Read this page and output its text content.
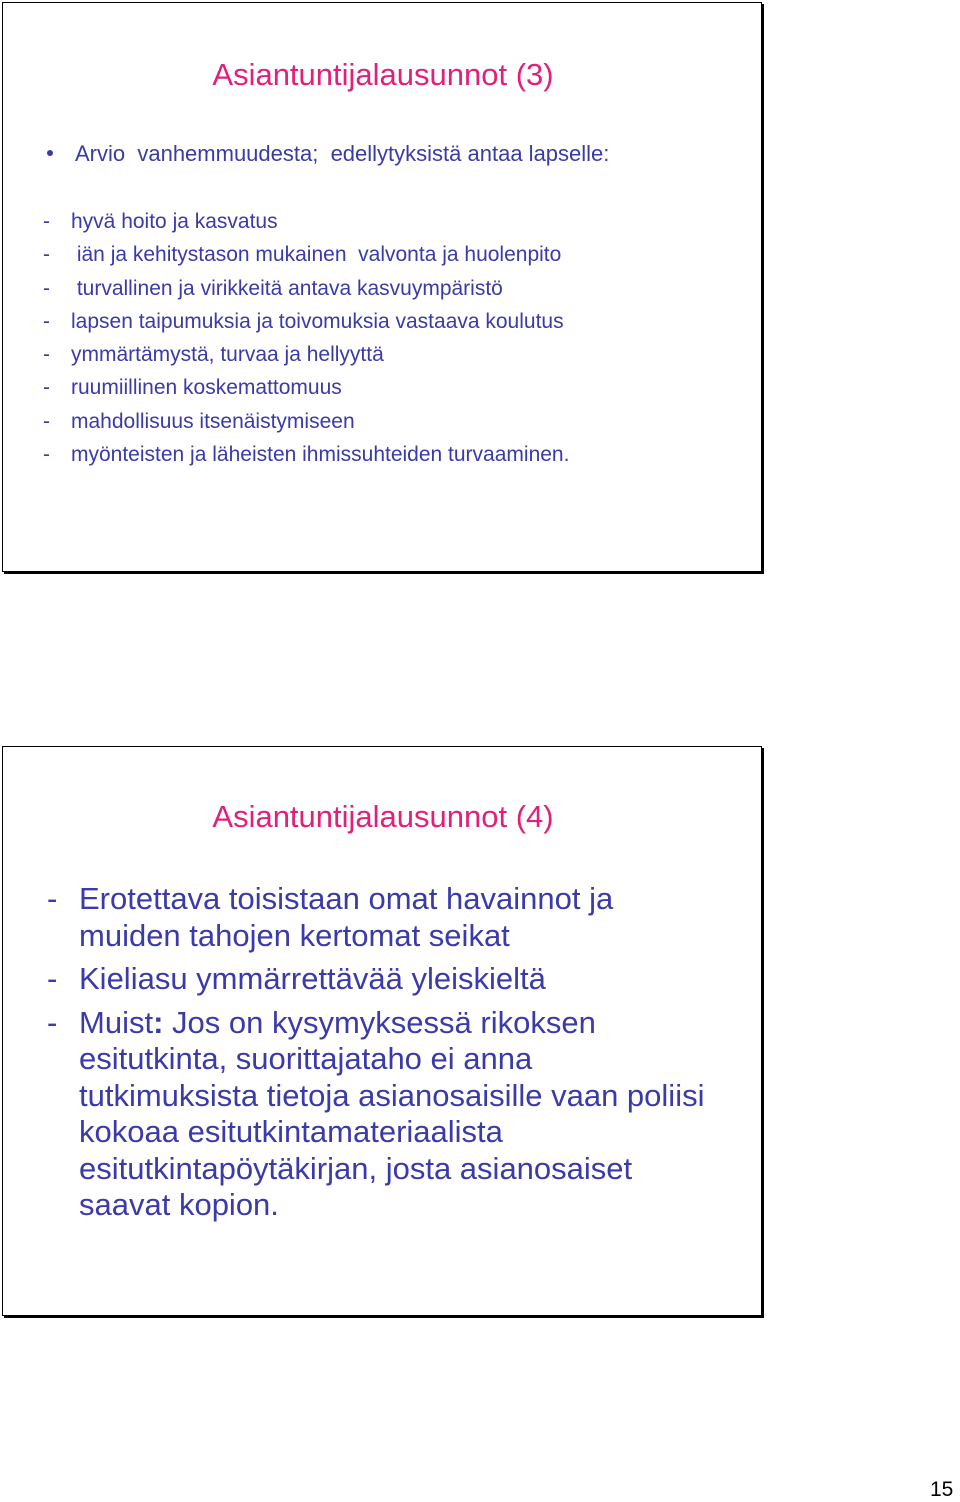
Asiantuntijalausunnot (3)
Arvio  vanhemmuudesta;  edellytyksistä antaa lapselle:
- hyvä hoito ja kasvatus
- iän ja kehitystason mukainen  valvonta ja huolenpito
- turvallinen ja virikkeitä antava kasvuympäristö
- lapsen taipumuksia ja toivomuksia vastaava koulutus
- ymmärtämystä, turvaa ja hellyyttä
- ruumiillinen koskemattomuus
- mahdollisuus itsenäistymiseen
- myönteisten ja läheisten ihmissuhteiden turvaaminen.
Asiantuntijalausunnot (4)
- Erotettava toisistaan omat havainnot ja muiden tahojen kertomat seikat
- Kieliasu ymmärrettävää yleiskieltä
- Muist: Jos on kysymyksessä rikoksen esitutkinta, suorittajataho ei anna tutkimuksista tietoja asianosaisille vaan poliisi kokoaa esitutkintamateriaalista esitutkintapöytäkirjan, josta asianosaiset saavat kopion.
15
